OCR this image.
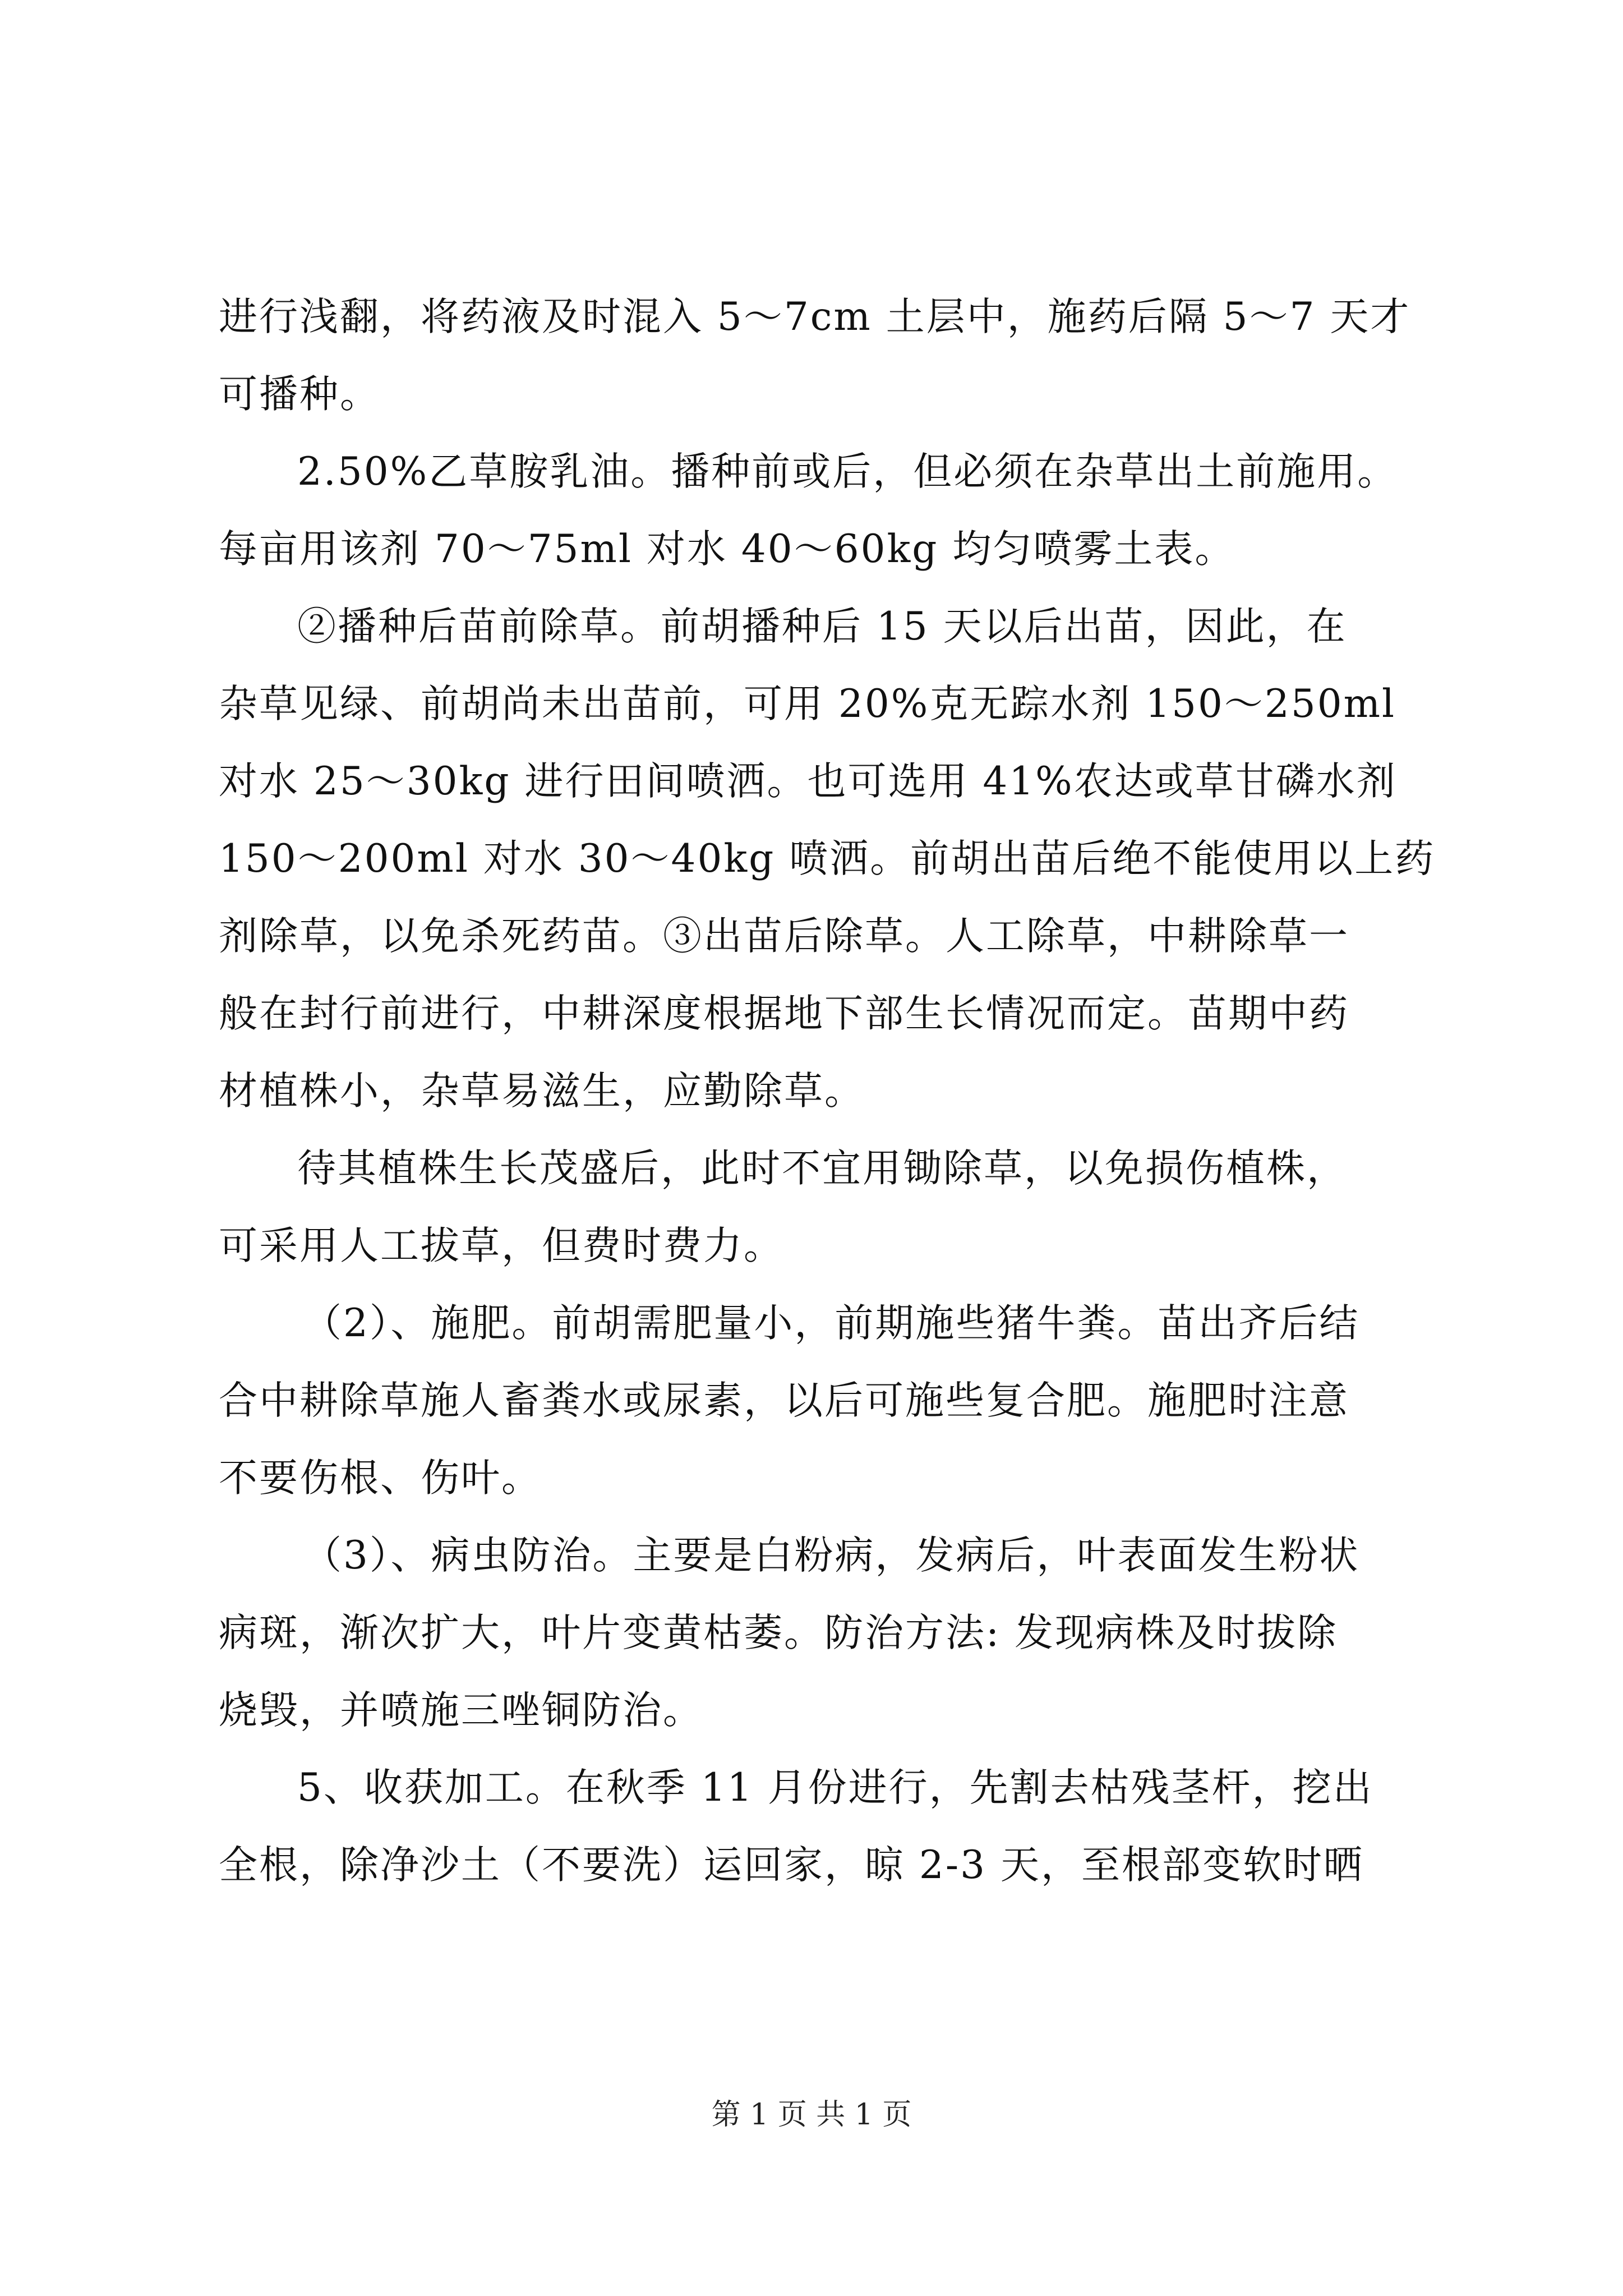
进行浅翻，将药液及时混入 5～7cm 土层中，施药后隔 5～7 天才
可播种。
2.50%乙草胺乳油。播种前或后，但必须在杂草出土前施用。
每亩用该剂 70～75ml 对水 40～60kg 均匀喷雾土表。
②播种后苗前除草。前胡播种后 15 天以后出苗，因此，在
杂草见绿、前胡尚未出苗前，可用 20%克无踪水剂 150～250ml
对水 25～30kg 进行田间喷洒。也可选用 41%农达或草甘磷水剂
150～200ml 对水 30～40kg 喷洒。前胡出苗后绝不能使用以上药
剂除草，以免杀死药苗。③出苗后除草。人工除草，中耕除草一
般在封行前进行，中耕深度根据地下部生长情况而定。苗期中药
材植株小，杂草易滋生，应勤除草。
待其植株生长茂盛后，此时不宜用锄除草，以免损伤植株，
可采用人工拔草，但费时费力。
（2）、施肥。前胡需肥量小，前期施些猪牛粪。苗出齐后结
合中耕除草施人畜粪水或尿素，以后可施些复合肥。施肥时注意
不要伤根、伤叶。
（3）、病虫防治。主要是白粉病，发病后，叶表面发生粉状
病斑，渐次扩大，叶片变黄枯萎。防治方法: 发现病株及时拔除
烧毁，并喷施三唑铜防治。
5、收获加工。在秋季 11 月份进行，先割去枯残茎杆，挖出
全根，除净沙土（不要洗）运回家，晾 2-3 天，至根部变软时晒
第 1 页 共 1 页
